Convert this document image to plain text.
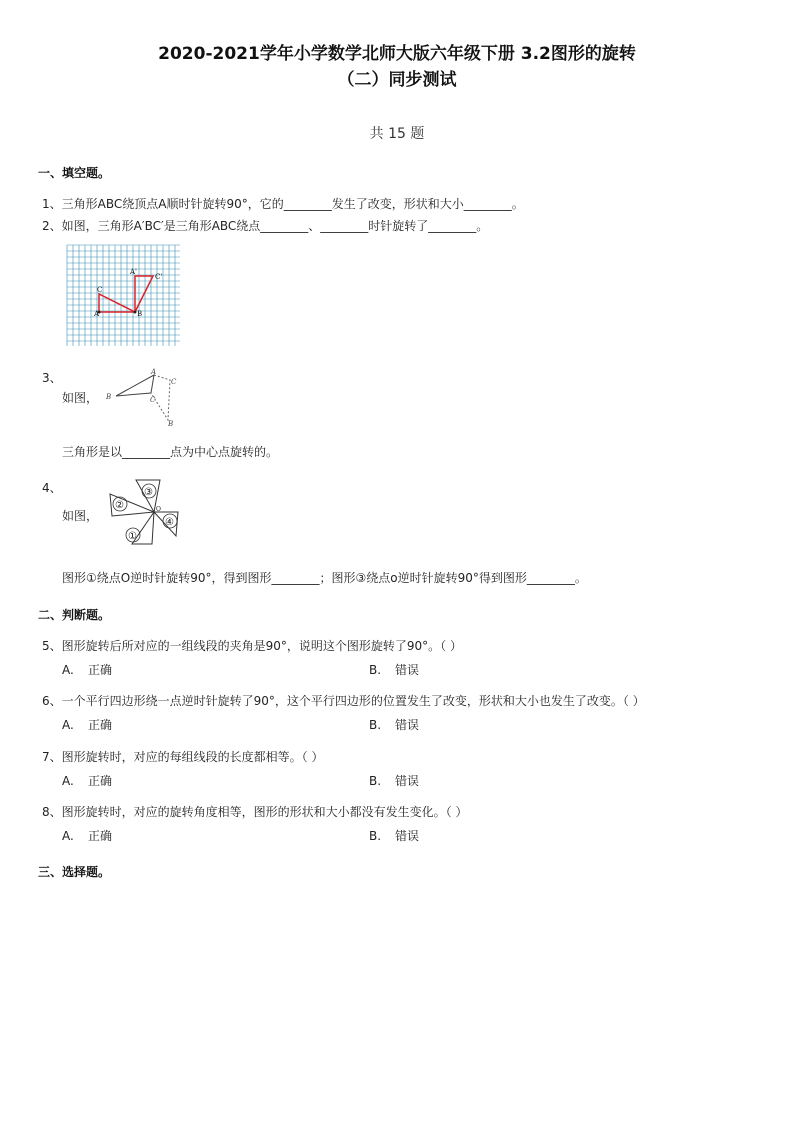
2020-2021学年小学数学北师大版六年级下册 3.2图形的旋转
（二）同步测试
共 15 题
一、填空题。
1、三角形ABC绕顶点A顺时针旋转90°，它的________发生了改变，形状和大小________。
2、如图，三角形A′BC′是三角形ABC绕点________、________时针旋转了________。
A	B
C
A'
C'
3、
如图， B
A
C
C
B
三角形是以________点为中心点旋转的。
4、
如图，
①
②
③
④
O
图形①绕点O逆时针旋转90°，得到图形________；图形③绕点o逆时针旋转90°得到图形________。
二、判断题。
5、图形旋转后所对应的一组线段的夹角是90°，说明这个图形旋转了90°。（ ）
A. 正确	B. 错误
6、一个平行四边形绕一点逆时针旋转了90°，这个平行四边形的位置发生了改变，形状和大小也发生了改变。（ ）
A. 正确	B. 错误
7、图形旋转时，对应的每组线段的长度都相等。（ ）
A. 正确	B. 错误
8、图形旋转时，对应的旋转角度相等，图形的形状和大小都没有发生变化。（ ）
A. 正确	B. 错误
三、选择题。
